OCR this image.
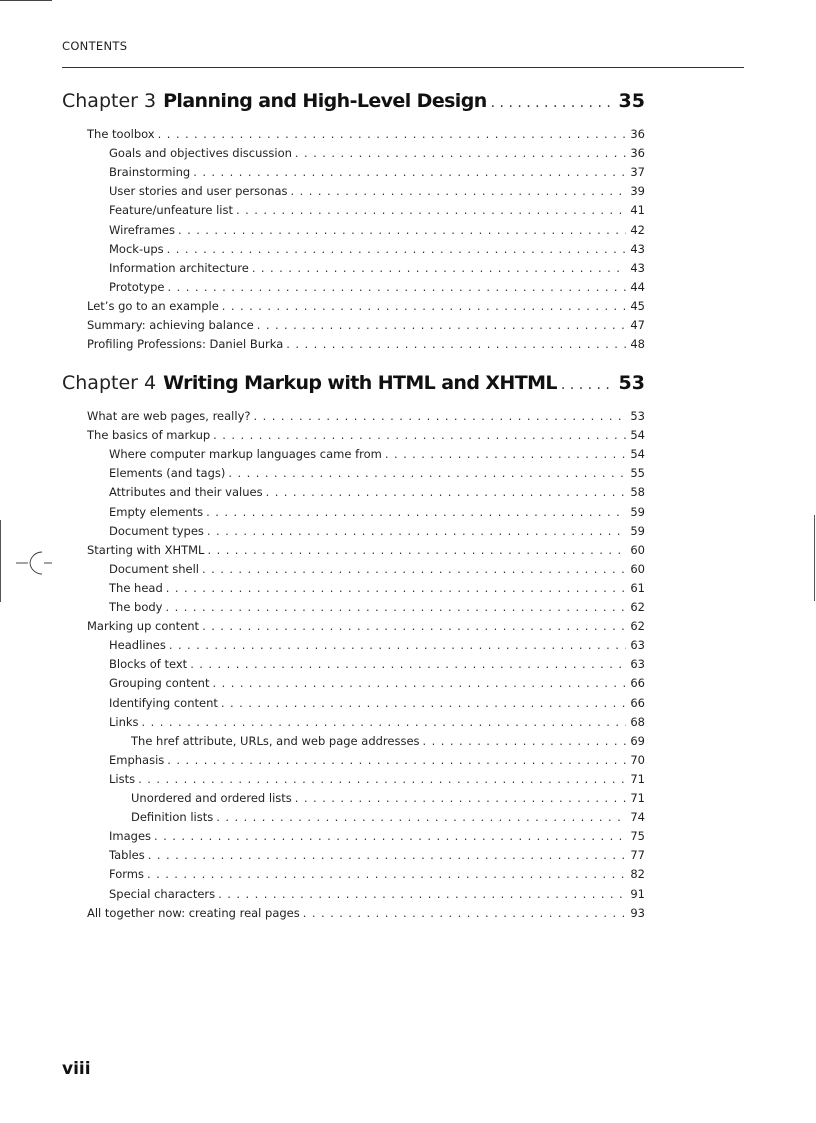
CONTENTS
Chapter 3 Planning and High-Level Design . . .	35
The toolbox . . .	36
Goals and objectives discussion . . .	36
Brainstorming . . .	37
User stories and user personas . . .	39
Feature/unfeature list . . .	41
Wireframes . . .	42
Mock-ups . . .	43
Information architecture . . .	43
Prototype . . .	44
Let’s go to an example . . .	45
Summary: achieving balance . . .	47
Profiling Professions: Daniel Burka . . .	48
Chapter 4 Writing Markup with HTML and XHTML . . .	53
What are web pages, really? . . .	53
The basics of markup . . .	54
Where computer markup languages came from . . .	54
Elements (and tags) . . .	55
Attributes and their values . . .	58
Empty elements . . .	59
Document types . . .	59
Starting with XHTML . . .	60
Document shell . . .	60
The head . . .	61
The body . . .	62
Marking up content . . .	62
Headlines . . .	63
Blocks of text . . .	63
Grouping content . . .	66
Identifying content . . .	66
Links . . .	68
The href attribute, URLs, and web page addresses . . .	69
Emphasis . . .	70
Lists . . .	71
Unordered and ordered lists . . .	71
Definition lists . . .	74
Images . . .	75
Tables . . .	77
Forms . . .	82
Special characters . . .	91
All together now: creating real pages . . .	93
viii
